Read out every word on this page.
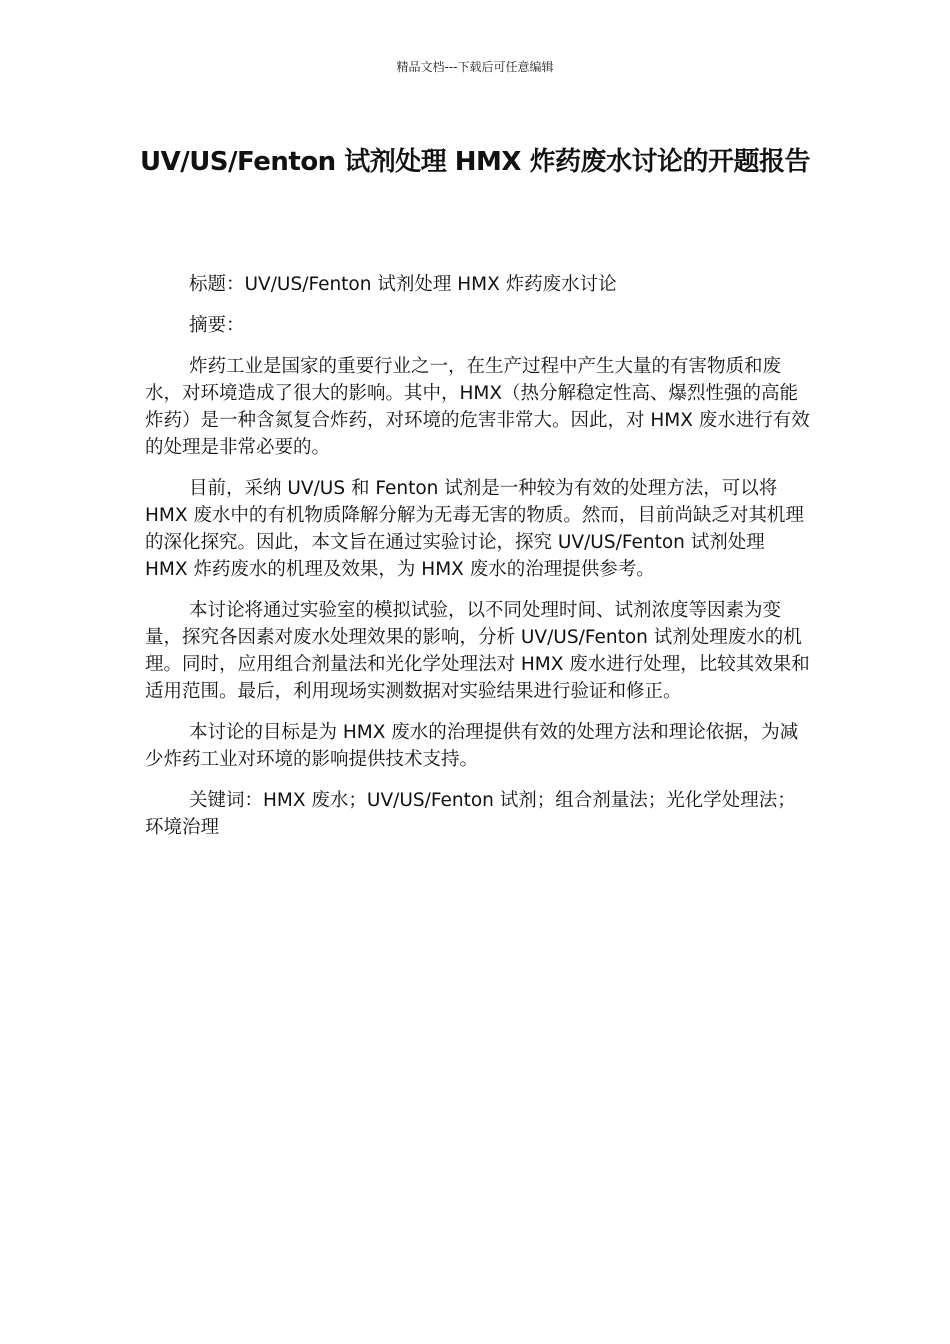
精品文档---下载后可任意编辑
UV/US/Fenton 试剂处理 HMX 炸药废水讨论的开题报告

标题：UV/US/Fenton 试剂处理 HMX 炸药废水讨论

摘要：

炸药工业是国家的重要行业之一，在生产过程中产生大量的有害物质和废水，对环境造成了很大的影响。其中，HMX（热分解稳定性高、爆烈性强的高能炸药）是一种含氮复合炸药，对环境的危害非常大。因此，对 HMX 废水进行有效的处理是非常必要的。

目前，采纳 UV/US 和 Fenton 试剂是一种较为有效的处理方法，可以将 HMX 废水中的有机物质降解分解为无毒无害的物质。然而，目前尚缺乏对其机理的深化探究。因此，本文旨在通过实验讨论，探究 UV/US/Fenton 试剂处理 HMX 炸药废水的机理及效果，为 HMX 废水的治理提供参考。

本讨论将通过实验室的模拟试验，以不同处理时间、试剂浓度等因素为变量，探究各因素对废水处理效果的影响，分析 UV/US/Fenton 试剂处理废水的机理。同时，应用组合剂量法和光化学处理法对 HMX 废水进行处理，比较其效果和适用范围。最后，利用现场实测数据对实验结果进行验证和修正。

本讨论的目标是为 HMX 废水的治理提供有效的处理方法和理论依据，为减少炸药工业对环境的影响提供技术支持。

关键词：HMX 废水；UV/US/Fenton 试剂；组合剂量法；光化学处理法；环境治理
